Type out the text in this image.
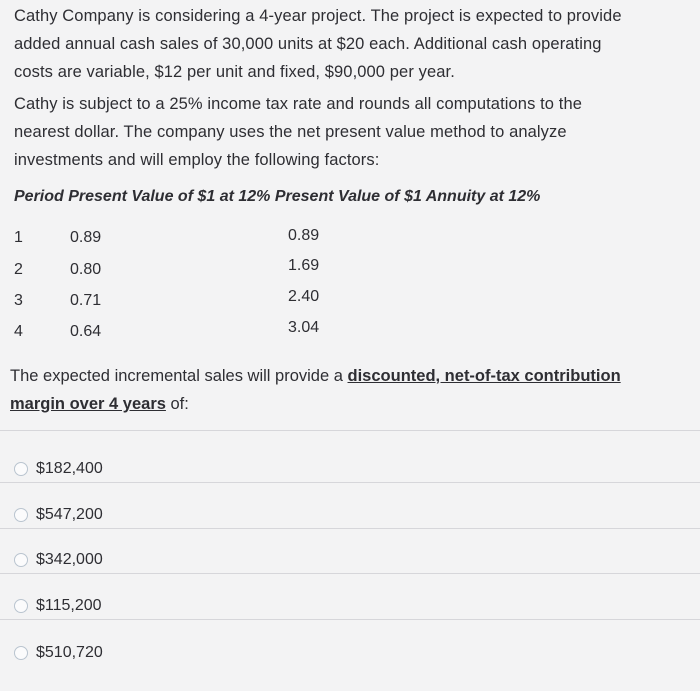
Cathy Company is considering a 4-year project. The project is expected to provide
added annual cash sales of 30,000 units at $20 each. Additional cash operating
costs are variable, $12 per unit and fixed, $90,000 per year.
Cathy is subject to a 25% income tax rate and rounds all computations to the
nearest dollar. The company uses the net present value method to analyze
investments and will employ the following factors:
Period Present Value of $1 at 12% Present Value of $1 Annuity at 12%
1	0.89	0.89
2	0.80	1.69
3	0.71	2.40
4	0.64	3.04
The expected incremental sales will provide a discounted, net-of-tax contribution
margin over 4 years of:
$182,400
$547,200
$342,000
$115,200
$510,720
